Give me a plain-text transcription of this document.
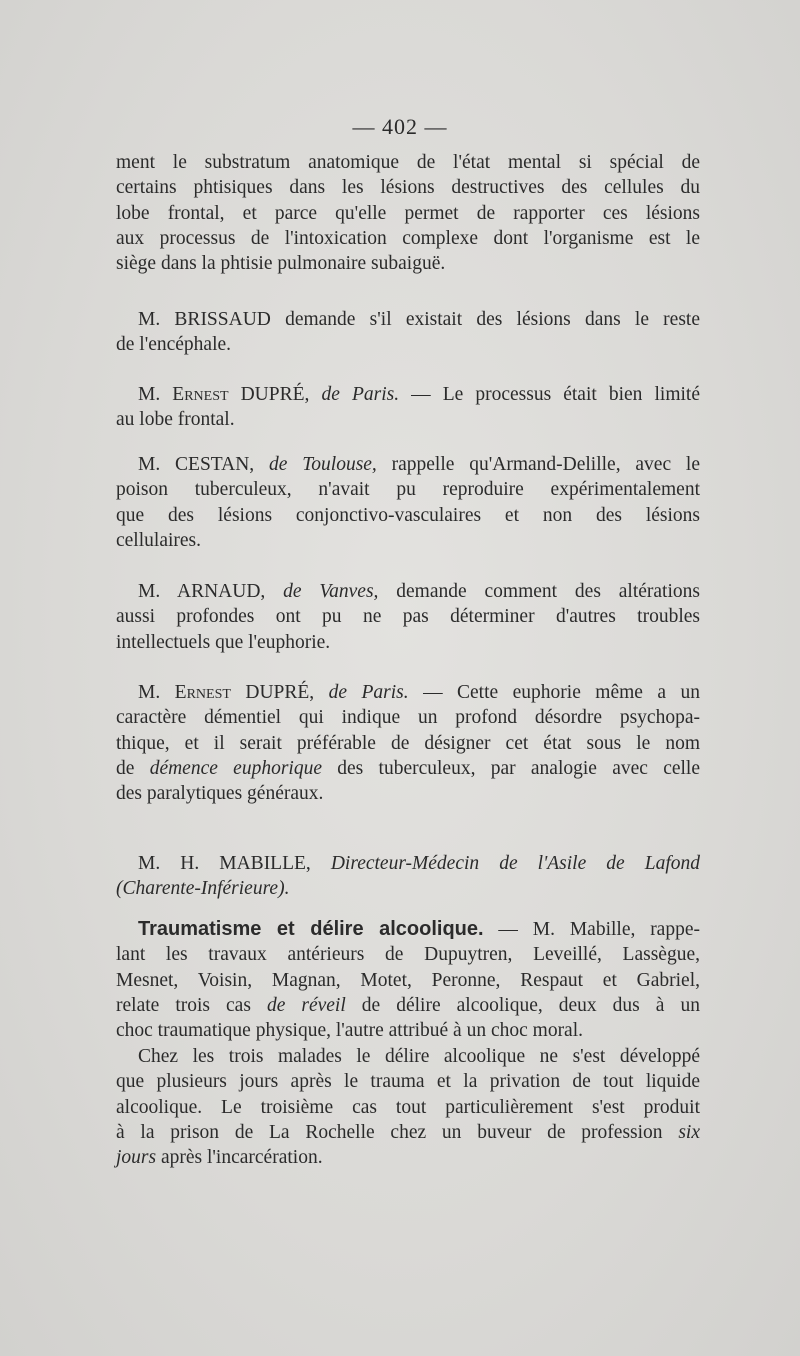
— 402 —
ment le substratum anatomique de l'état mental si spécial de
certains phtisiques dans les lésions destructives des cellules du
lobe frontal, et parce qu'elle permet de rapporter ces lésions
aux processus de l'intoxication complexe dont l'organisme est le
siège dans la phtisie pulmonaire subaiguë.
M. BRISSAUD demande s'il existait des lésions dans le reste
de l'encéphale.
M. Ernest DUPRÉ, de Paris. — Le processus était bien limité
au lobe frontal.
M. CESTAN, de Toulouse, rappelle qu'Armand-Delille, avec le
poison tuberculeux, n'avait pu reproduire expérimentalement
que des lésions conjonctivo-vasculaires et non des lésions
cellulaires.
M. ARNAUD, de Vanves, demande comment des altérations
aussi profondes ont pu ne pas déterminer d'autres troubles
intellectuels que l'euphorie.
M. Ernest DUPRÉ, de Paris. — Cette euphorie même a un
caractère démentiel qui indique un profond désordre psychopa-
thique, et il serait préférable de désigner cet état sous le nom
de démence euphorique des tuberculeux, par analogie avec celle
des paralytiques généraux.
M. H. MABILLE, Directeur-Médecin de l'Asile de Lafond
(Charente-Inférieure).
Traumatisme et délire alcoolique. — M. Mabille, rappe-
lant les travaux antérieurs de Dupuytren, Leveillé, Lassègue,
Mesnet, Voisin, Magnan, Motet, Peronne, Respaut et Gabriel,
relate trois cas de réveil de délire alcoolique, deux dus à un
choc traumatique physique, l'autre attribué à un choc moral.
Chez les trois malades le délire alcoolique ne s'est développé
que plusieurs jours après le trauma et la privation de tout liquide
alcoolique. Le troisième cas tout particulièrement s'est produit
à la prison de La Rochelle chez un buveur de profession six
jours après l'incarcération.
